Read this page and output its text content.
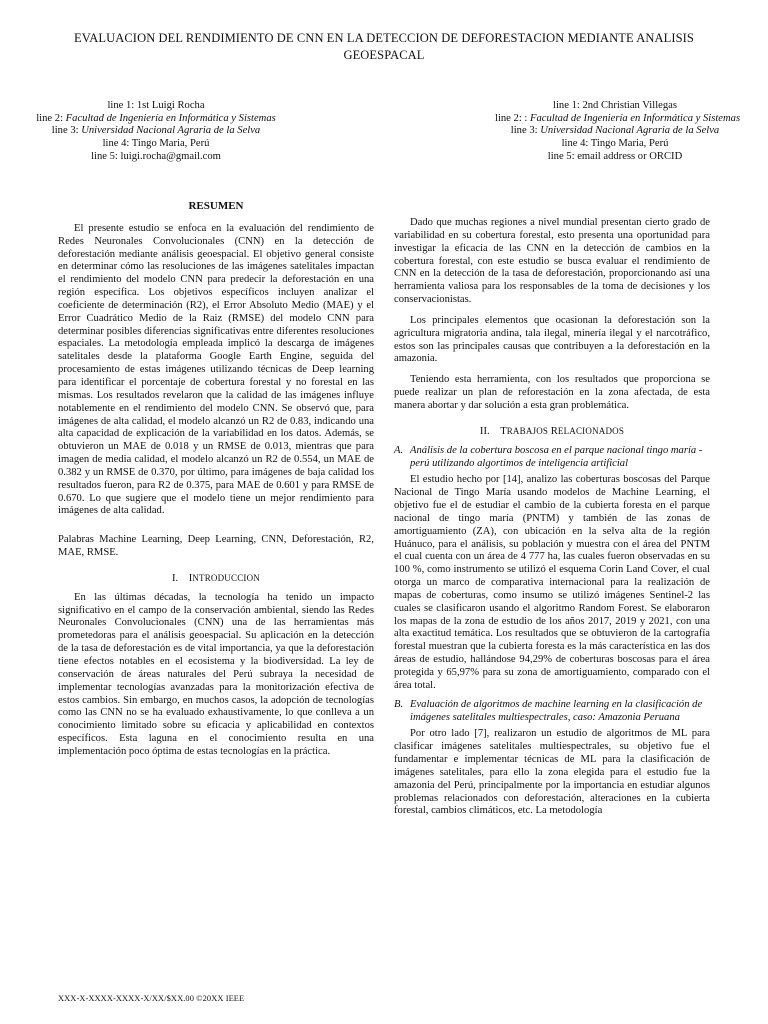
EVALUACION DEL RENDIMIENTO DE CNN EN LA DETECCION DE DEFORESTACION MEDIANTE ANALISIS GEOESPACAL
line 1: 1st Luigi Rocha
line 2: Facultad de Ingeniería en Informática y Sistemas
line 3: Universidad Nacional Agraria de la Selva
line 4: Tingo Maria, Perú
line 5: luigi.rocha@gmail.com
line 1: 2nd Christian Villegas
line 2: : Facultad de Ingeniería en Informática y Sistemas
line 3: Universidad Nacional Agraria de la Selva
line 4: Tingo Maria, Perú
line 5: email address or ORCID
RESUMEN

El presente estudio se enfoca en la evaluación del rendimiento de Redes Neuronales Convolucionales (CNN) en la detección de deforestación mediante análisis geoespacial. El objetivo general consiste en determinar cómo las resoluciones de las imágenes satelitales impactan el rendimiento del modelo CNN para predecir la deforestación en una región específica. Los objetivos específicos incluyen analizar el coeficiente de determinación (R2), el Error Absoluto Medio (MAE) y el Error Cuadrático Medio de la Raiz (RMSE) del modelo CNN para determinar posibles diferencias significativas entre diferentes resoluciones espaciales. La metodología empleada implicó la descarga de imágenes satelitales desde la plataforma Google Earth Engine, seguida del procesamiento de estas imágenes utilizando técnicas de Deep learning para identificar el porcentaje de cobertura forestal y no forestal en las mismas. Los resultados revelaron que la calidad de las imágenes influye notablemente en el rendimiento del modelo CNN. Se observó que, para imágenes de alta calidad, el modelo alcanzó un R2 de 0.83, indicando una alta capacidad de explicación de la variabilidad en los datos. Además, se obtuvieron un MAE de 0.018 y un RMSE de 0.013, mientras que para imagen de media calidad, el modelo alcanzó un R2 de 0.554, un MAE de 0.382 y un RMSE de 0.370, por último, para imágenes de baja calidad los resultados fueron, para R2 de 0.375, para MAE de 0.601 y para RMSE de 0.670. Lo que sugiere que el modelo tiene un mejor rendimiento para imágenes de alta calidad.

Palabras Machine Learning, Deep Learning, CNN, Deforestación, R2, MAE, RMSE.

I. INTRODUCCION

En las últimas décadas, la tecnología ha tenido un impacto significativo en el campo de la conservación ambiental, siendo las Redes Neuronales Convolucionales (CNN) una de las herramientas más prometedoras para el análisis geoespacial. Su aplicación en la detección de la tasa de deforestación es de vital importancia, ya que la deforestación tiene efectos notables en el ecosistema y la biodiversidad. La ley de conservación de áreas naturales del Perú subraya la necesidad de implementar tecnologías avanzadas para la monitorización efectiva de estos cambios. Sin embargo, en muchos casos, la adopción de tecnologías como las CNN no se ha evaluado exhaustivamente, lo que conlleva a un conocimiento limitado sobre su eficacia y aplicabilidad en contextos específicos. Esta laguna en el conocimiento resulta en una implementación poco óptima de estas tecnologías en la práctica.

Dado que muchas regiones a nivel mundial presentan cierto grado de variabilidad en su cobertura forestal, esto presenta una oportunidad para investigar la eficacia de las CNN en la detección de cambios en la cobertura forestal, con este estudio se busca evaluar el rendimiento de CNN en la detección de la tasa de deforestación, proporcionando así una herramienta valiosa para los responsables de la toma de decisiones y los conservacionistas.

Los principales elementos que ocasionan la deforestación son la agricultura migratoria andina, tala ilegal, minería ilegal y el narcotráfico, estos son las principales causas que contribuyen a la deforestación en la amazonia.

Teniendo esta herramienta, con los resultados que proporciona se puede realizar un plan de reforestación en la zona afectada, de esta manera abortar y dar solución a esta gran problemática.

II. TRABAJOS RELACIONADOS
A. Análisis de la cobertura boscosa en el parque nacional tingo maría - perú utilizando algortimos de inteligencia artificial

El estudio hecho por [14], analizo las coberturas boscosas del Parque Nacional de Tingo María usando modelos de Machine Learning, el objetivo fue el de estudiar el cambio de la cubierta foresta en el parque nacional de tingo maría (PNTM) y también de las zonas de amortiguamiento (ZA), con ubicación en la selva alta de la región Huánuco, para el análisis, su población y muestra con el área del PNTM el cual cuenta con un área de 4 777 ha, las cuales fueron observadas en su 100 %, como instrumento se utilizó el esquema Corin Land Cover, el cual otorga un marco de comparativa internacional para la realización de mapas de coberturas, como insumo se utilizó imágenes Sentinel-2 las cuales se clasificaron usando el algoritmo Random Forest. Se elaboraron los mapas de la zona de estudio de los años 2017, 2019 y 2021, con una alta exactitud temática. Los resultados que se obtuvieron de la cartografía forestal muestran que la cubierta foresta es la más característica en las dos áreas de estudio, hallándose 94,29% de coberturas boscosas para el área protegida y 65,97% para su zona de amortiguamiento, comparado con el área total.

B. Evaluación de algoritmos de machine learning en la clasificación de imágenes satelitales multiespectrales, caso: Amazonia Peruana

Por otro lado [7], realizaron un estudio de algoritmos de ML para clasificar imágenes satelitales multiespectrales, su objetivo fue el fundamentar e implementar técnicas de ML para la clasificación de imágenes satelitales, para ello la zona elegida para el estudio fue la amazonia del Perú, principalmente por la importancia en estudiar algunos problemas relacionados con deforestación, alteraciones en la cubierta forestal, cambios climáticos, etc. La metodología

XXX-X-XXXX-XXXX-X/XX/$XX.00 ©20XX IEEE
